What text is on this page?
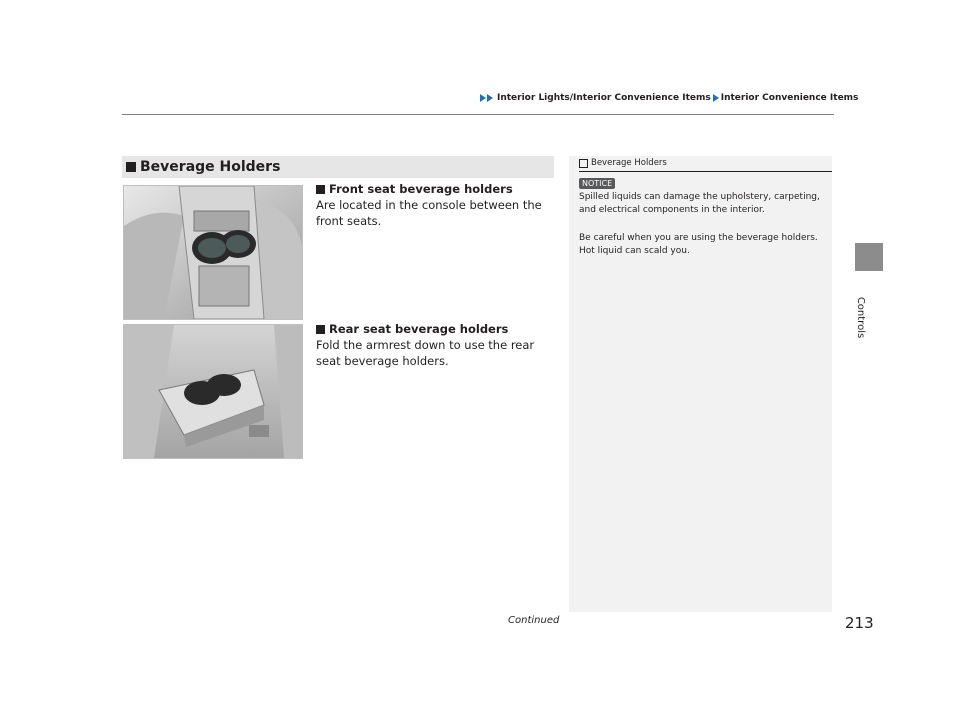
Interior Lights/Interior Convenience Items Interior Convenience Items
Controls
Beverage Holders
Front seat beverage holders
Are located in the console between the front seats.
Rear seat beverage holders
Fold the armrest down to use the rear seat beverage holders.
Beverage Holders
NOTICE
Spilled liquids can damage the upholstery, carpeting, and electrical components in the interior.
Be careful when you are using the beverage holders. Hot liquid can scald you.
Continued	213
